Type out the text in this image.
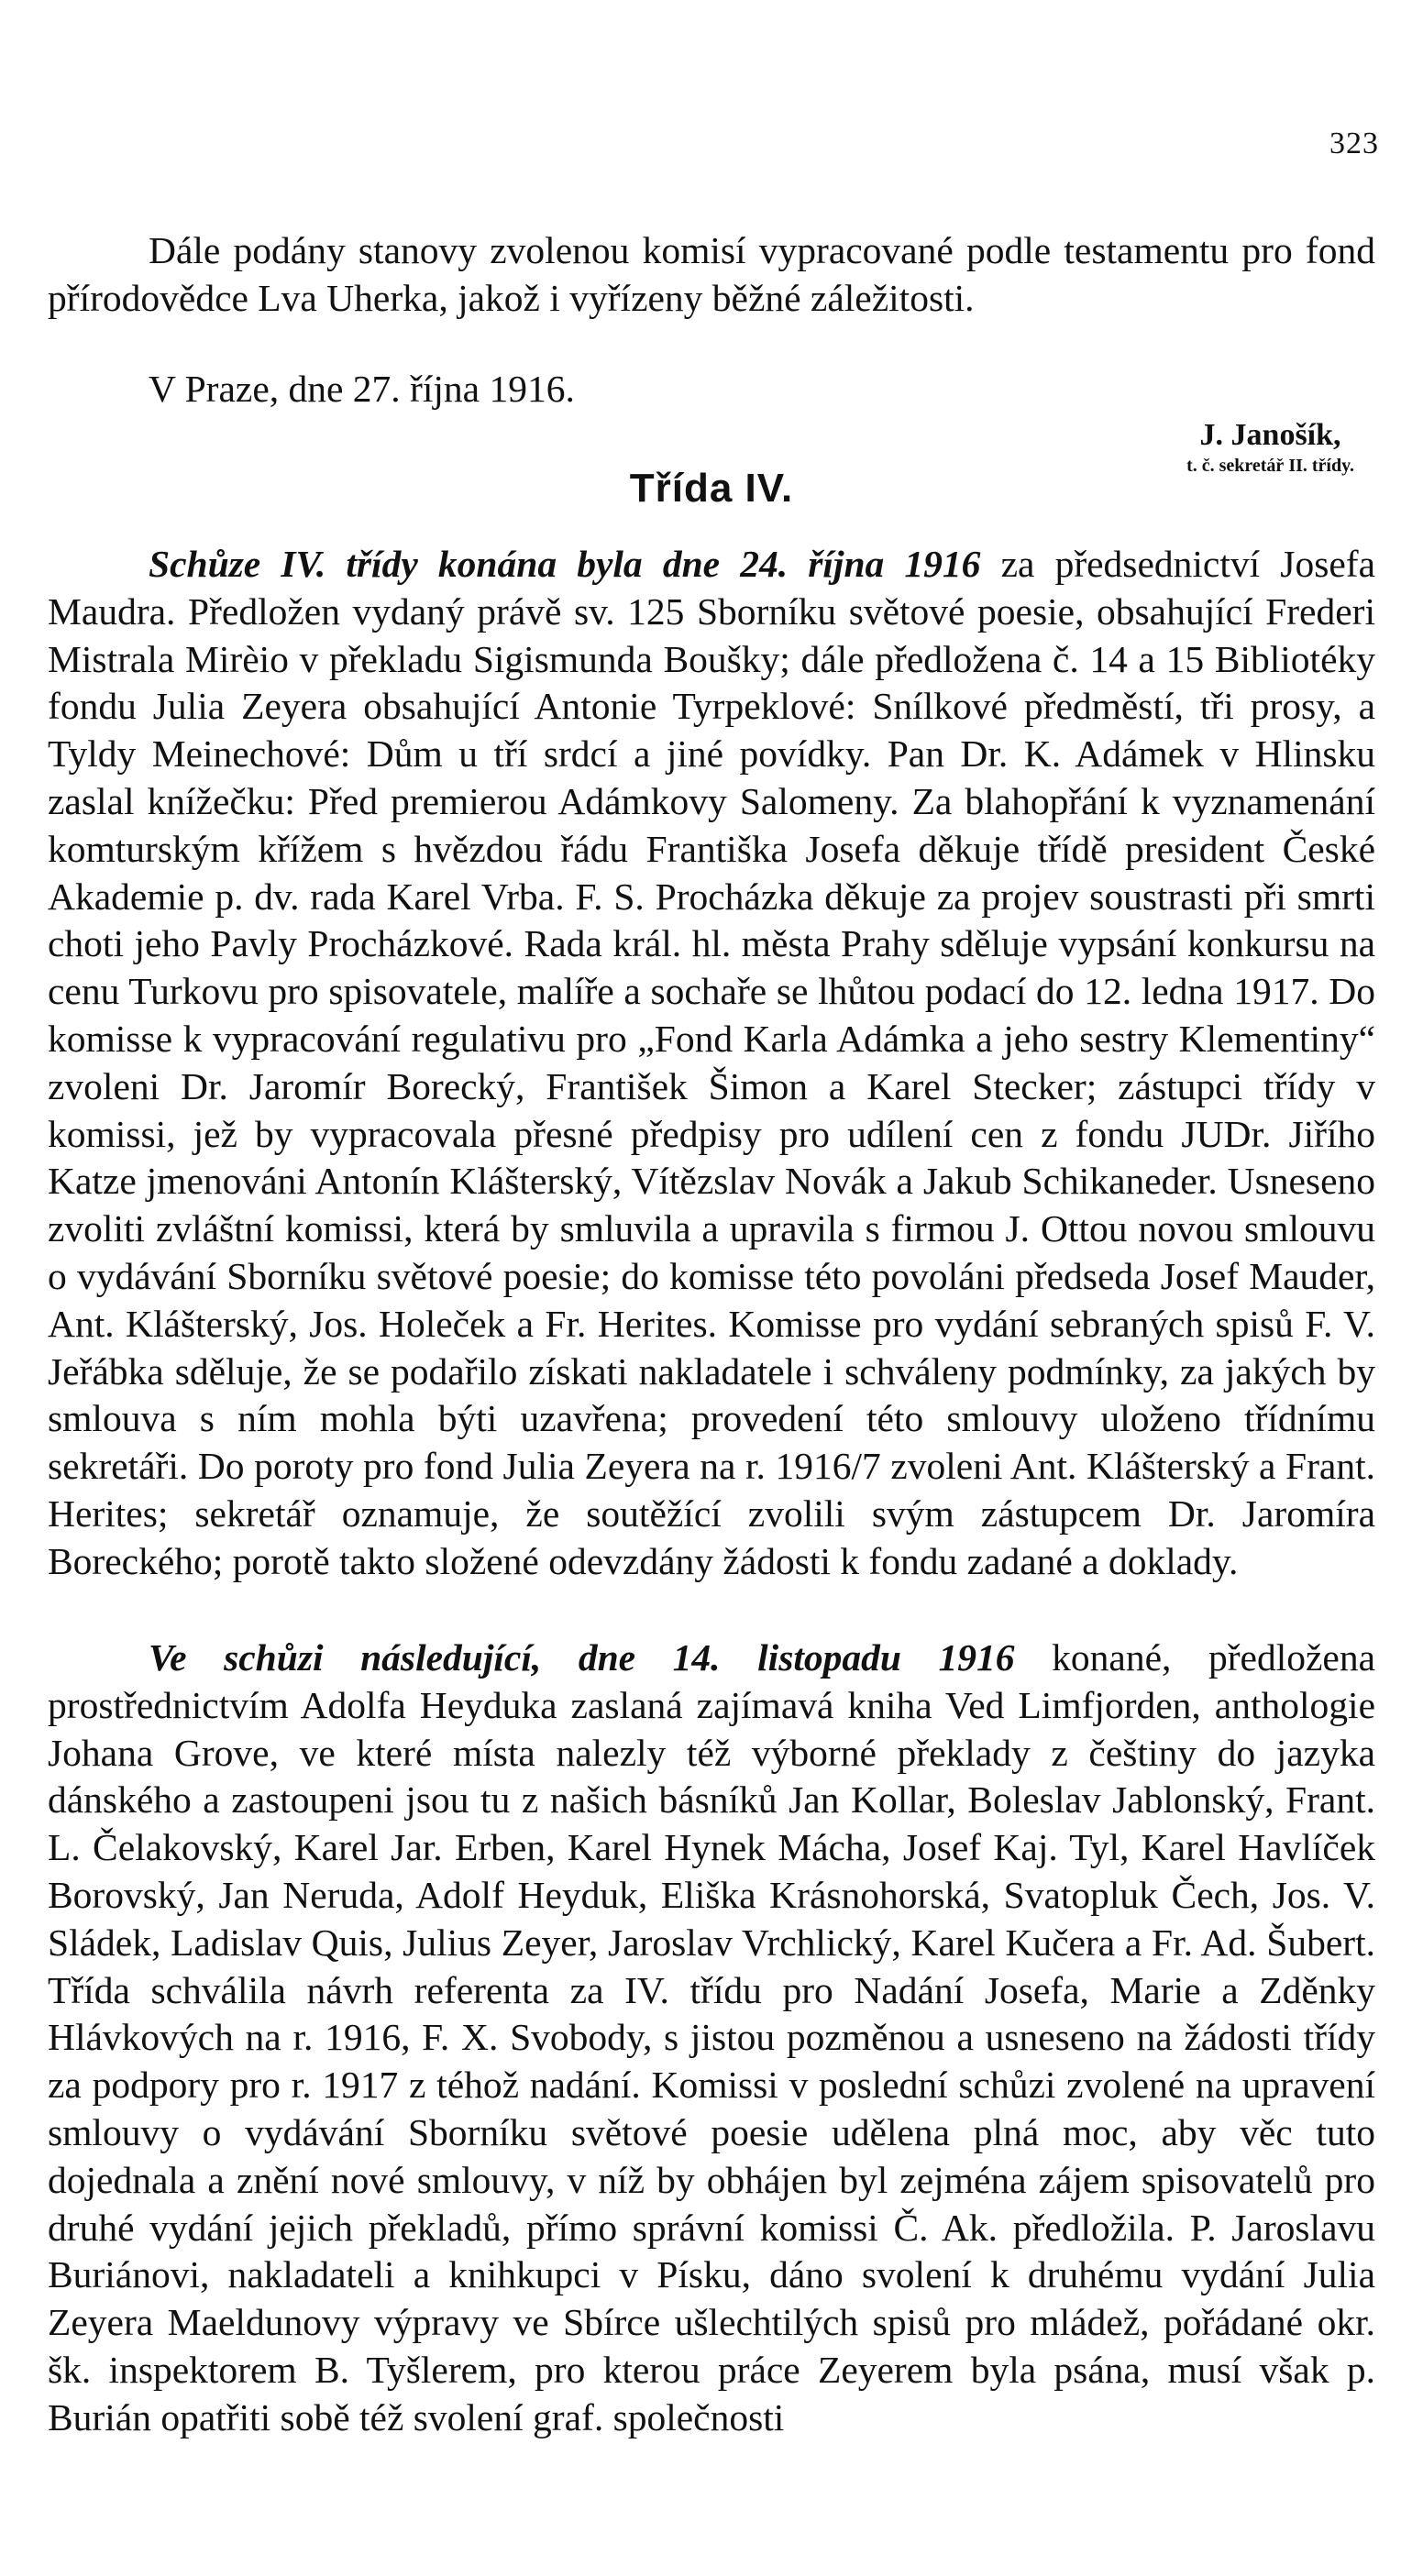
323

Dále podány stanovy zvolenou komisí vypracované podle testamentu pro fond přírodovědce Lva Uherka, jakož i vyřízeny běžné záležitosti.

V Praze, dne 27. října 1916.
J. Janošík,
t. č. sekretář II. třídy.
Třída IV.

Schůze IV. třídy konána byla dne 24. října 1916 za předsednictví Josefa Maudra. Předložen vydaný právě sv. 125 Sborníku světové poesie, obsahující Frederi Mistrala Mirèio v překladu Sigismunda Boušky; dále předložena č. 14 a 15 Bibliotéky fondu Julia Zeyera obsahující Antonie Tyrpeklové: Snílkové předměstí, tři prosy, a Tyldy Meinechové: Dům u tří srdcí a jiné povídky. Pan Dr. K. Adámek v Hlinsku zaslal knížečku: Před premierou Adámkovy Salomeny. Za blahopřání k vyznamenání komturským křížem s hvězdou řádu Františka Josefa děkuje třídě president České Akademie p. dv. rada Karel Vrba. F. S. Procházka děkuje za projev soustrasti při smrti choti jeho Pavly Procházkové. Rada král. hl. města Prahy sděluje vypsání konkursu na cenu Turkovu pro spisovatele, malíře a sochaře se lhůtou podací do 12. ledna 1917. Do komisse k vypracování regulativu pro „Fond Karla Adámka a jeho sestry Klementiny“ zvoleni Dr. Jaromír Borecký, František Šimon a Karel Stecker; zástupci třídy v komissi, jež by vypracovala přesné předpisy pro udílení cen z fondu JUDr. Jiřího Katze jmenováni Antonín Klášterský, Vítězslav Novák a Jakub Schikaneder. Usneseno zvoliti zvláštní komissi, která by smluvila a upravila s firmou J. Ottou novou smlouvu o vydávání Sborníku světové poesie; do komisse této povoláni předseda Josef Mauder, Ant. Klášterský, Jos. Holeček a Fr. Herites. Komisse pro vydání sebraných spisů F. V. Jeřábka sděluje, že se podařilo získati nakladatele i schváleny podmínky, za jakých by smlouva s ním mohla býti uzavřena; provedení této smlouvy uloženo třídnímu sekretáři. Do poroty pro fond Julia Zeyera na r. 1916/7 zvoleni Ant. Klášterský a Frant. Herites; sekretář oznamuje, že soutěžící zvolili svým zástupcem Dr. Jaromíra Boreckého; porotě takto složené odevzdány žádosti k fondu zadané a doklady.

Ve schůzi následující, dne 14. listopadu 1916 konané, předložena prostřednictvím Adolfa Heyduka zaslaná zajímavá kniha Ved Limfjorden, anthologie Johana Grove, ve které místa nalezly též výborné překlady z češtiny do jazyka dánského a zastoupeni jsou tu z našich básníků Jan Kollar, Boleslav Jablonský, Frant. L. Čelakovský, Karel Jar. Erben, Karel Hynek Mácha, Josef Kaj. Tyl, Karel Havlíček Borovský, Jan Neruda, Adolf Heyduk, Eliška Krásnohorská, Svatopluk Čech, Jos. V. Sládek, Ladislav Quis, Julius Zeyer, Jaroslav Vrchlický, Karel Kučera a Fr. Ad. Šubert. Třída schválila návrh referenta za IV. třídu pro Nadání Josefa, Marie a Zděnky Hlávkových na r. 1916, F. X. Svobody, s jistou pozměnou a usneseno na žádosti třídy za podpory pro r. 1917 z téhož nadání. Komissi v poslední schůzi zvolené na upravení smlouvy o vydávání Sborníku světové poesie udělena plná moc, aby věc tuto dojednala a znění nové smlouvy, v níž by obhájen byl zejména zájem spisovatelů pro druhé vydání jejich překladů, přímo správní komissi Č. Ak. předložila. P. Jaroslavu Buriánovi, nakladateli a knihkupci v Písku, dáno svolení k druhému vydání Julia Zeyera Maeldunovy výpravy ve Sbírce ušlechtilých spisů pro mládež, pořádané okr. šk. inspektorem B. Tyšlerem, pro kterou práce Zeyerem byla psána, musí však p. Burián opatřiti sobě též svolení graf. společnosti
